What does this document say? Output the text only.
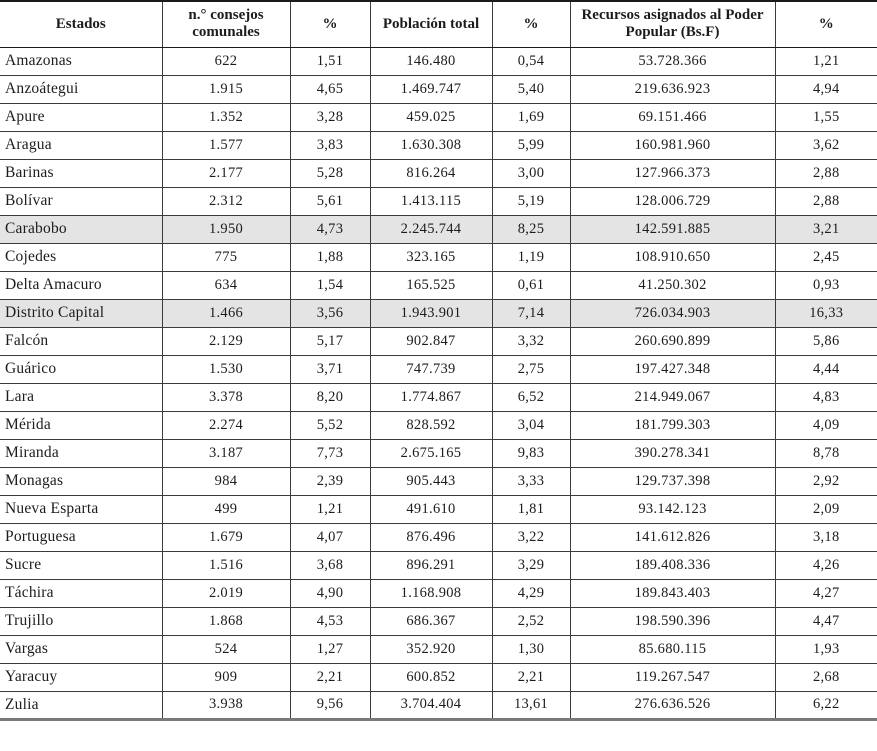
Estados	n.° consejos comunales	%	Población total	%	Recursos asignados al Poder Popular (Bs.F)	%
Amazonas	622	1,51	146.480	0,54	53.728.366	1,21
Anzoátegui	1.915	4,65	1.469.747	5,40	219.636.923	4,94
Apure	1.352	3,28	459.025	1,69	69.151.466	1,55
Aragua	1.577	3,83	1.630.308	5,99	160.981.960	3,62
Barinas	2.177	5,28	816.264	3,00	127.966.373	2,88
Bolívar	2.312	5,61	1.413.115	5,19	128.006.729	2,88
Carabobo	1.950	4,73	2.245.744	8,25	142.591.885	3,21
Cojedes	775	1,88	323.165	1,19	108.910.650	2,45
Delta Amacuro	634	1,54	165.525	0,61	41.250.302	0,93
Distrito Capital	1.466	3,56	1.943.901	7,14	726.034.903	16,33
Falcón	2.129	5,17	902.847	3,32	260.690.899	5,86
Guárico	1.530	3,71	747.739	2,75	197.427.348	4,44
Lara	3.378	8,20	1.774.867	6,52	214.949.067	4,83
Mérida	2.274	5,52	828.592	3,04	181.799.303	4,09
Miranda	3.187	7,73	2.675.165	9,83	390.278.341	8,78
Monagas	984	2,39	905.443	3,33	129.737.398	2,92
Nueva Esparta	499	1,21	491.610	1,81	93.142.123	2,09
Portuguesa	1.679	4,07	876.496	3,22	141.612.826	3,18
Sucre	1.516	3,68	896.291	3,29	189.408.336	4,26
Táchira	2.019	4,90	1.168.908	4,29	189.843.403	4,27
Trujillo	1.868	4,53	686.367	2,52	198.590.396	4,47
Vargas	524	1,27	352.920	1,30	85.680.115	1,93
Yaracuy	909	2,21	600.852	2,21	119.267.547	2,68
Zulia	3.938	9,56	3.704.404	13,61	276.636.526	6,22
